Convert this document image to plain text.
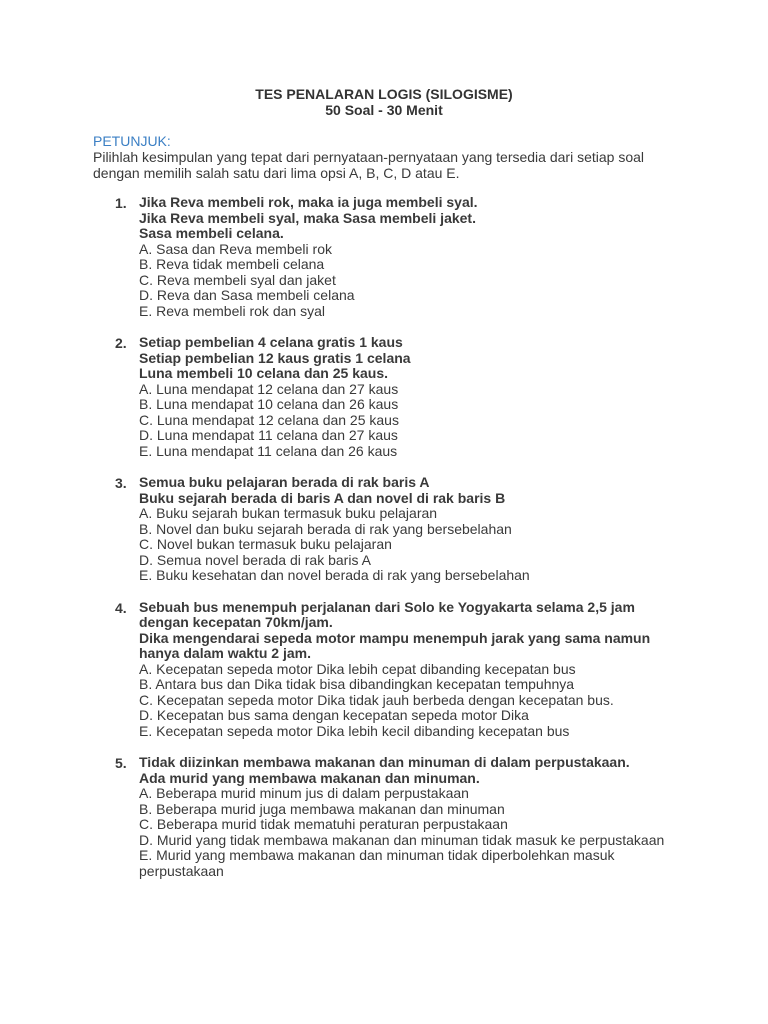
TES PENALARAN LOGIS (SILOGISME)
50 Soal - 30 Menit
PETUNJUK:
Pilihlah kesimpulan yang tepat dari pernyataan-pernyataan yang tersedia dari setiap soal
dengan memilih salah satu dari lima opsi A, B, C, D atau E.
1. Jika Reva membeli rok, maka ia juga membeli syal.
Jika Reva membeli syal, maka Sasa membeli jaket.
Sasa membeli celana.
A. Sasa dan Reva membeli rok
B. Reva tidak membeli celana
C. Reva membeli syal dan jaket
D. Reva dan Sasa membeli celana
E. Reva membeli rok dan syal
2. Setiap pembelian 4 celana gratis 1 kaus
Setiap pembelian 12 kaus gratis 1 celana
Luna membeli 10 celana dan 25 kaus.
A. Luna mendapat 12 celana dan 27 kaus
B. Luna mendapat 10 celana dan 26 kaus
C. Luna mendapat 12 celana dan 25 kaus
D. Luna mendapat 11 celana dan 27 kaus
E. Luna mendapat 11 celana dan 26 kaus
3. Semua buku pelajaran berada di rak baris A
Buku sejarah berada di baris A dan novel di rak baris B
A. Buku sejarah bukan termasuk buku pelajaran
B. Novel dan buku sejarah berada di rak yang bersebelahan
C. Novel bukan termasuk buku pelajaran
D. Semua novel berada di rak baris A
E. Buku kesehatan dan novel berada di rak yang bersebelahan
4. Sebuah bus menempuh perjalanan dari Solo ke Yogyakarta selama 2,5 jam
dengan kecepatan 70km/jam.
Dika mengendarai sepeda motor mampu menempuh jarak yang sama namun
hanya dalam waktu 2 jam.
A. Kecepatan sepeda motor Dika lebih cepat dibanding kecepatan bus
B. Antara bus dan Dika tidak bisa dibandingkan kecepatan tempuhnya
C. Kecepatan sepeda motor Dika tidak jauh berbeda dengan kecepatan bus.
D. Kecepatan bus sama dengan kecepatan sepeda motor Dika
E. Kecepatan sepeda motor Dika lebih kecil dibanding kecepatan bus
5. Tidak diizinkan membawa makanan dan minuman di dalam perpustakaan.
Ada murid yang membawa makanan dan minuman.
A. Beberapa murid minum jus di dalam perpustakaan
B. Beberapa murid juga membawa makanan dan minuman
C. Beberapa murid tidak mematuhi peraturan perpustakaan
D. Murid yang tidak membawa makanan dan minuman tidak masuk ke perpustakaan
E. Murid yang membawa makanan dan minuman tidak diperbolehkan masuk
perpustakaan
